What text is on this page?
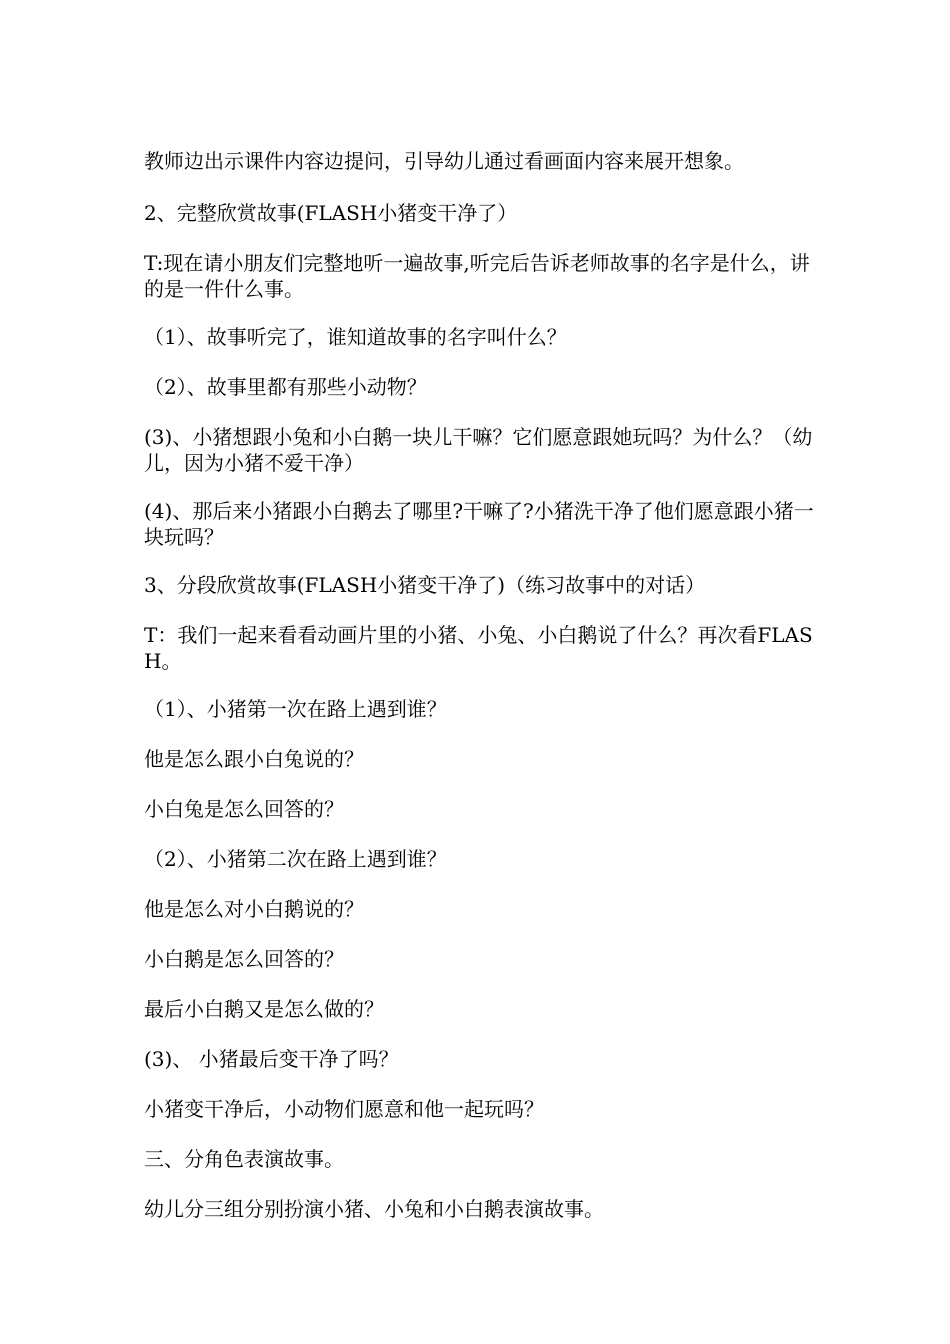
教师边出示课件内容边提问，引导幼儿通过看画面内容来展开想象。

2、完整欣赏故事(FLASH小猪变干净了）

T:现在请小朋友们完整地听一遍故事,听完后告诉老师故事的名字是什么，讲的是一件什么事。

（1）、故事听完了，谁知道故事的名字叫什么？

（2）、故事里都有那些小动物？

(3)、小猪想跟小兔和小白鹅一块儿干嘛？它们愿意跟她玩吗？为什么？（幼儿，因为小猪不爱干净）

(4)、那后来小猪跟小白鹅去了哪里?干嘛了?小猪洗干净了他们愿意跟小猪一块玩吗？

3、分段欣赏故事(FLASH小猪变干净了)（练习故事中的对话）

T：我们一起来看看动画片里的小猪、小兔、小白鹅说了什么？再次看FLASH。

（1）、小猪第一次在路上遇到谁？

他是怎么跟小白兔说的？

小白兔是怎么回答的？

（2）、小猪第二次在路上遇到谁？

他是怎么对小白鹅说的？

小白鹅是怎么回答的？

最后小白鹅又是怎么做的？

(3)、 小猪最后变干净了吗？

小猪变干净后，小动物们愿意和他一起玩吗？

三、分角色表演故事。

幼儿分三组分别扮演小猪、小兔和小白鹅表演故事。
